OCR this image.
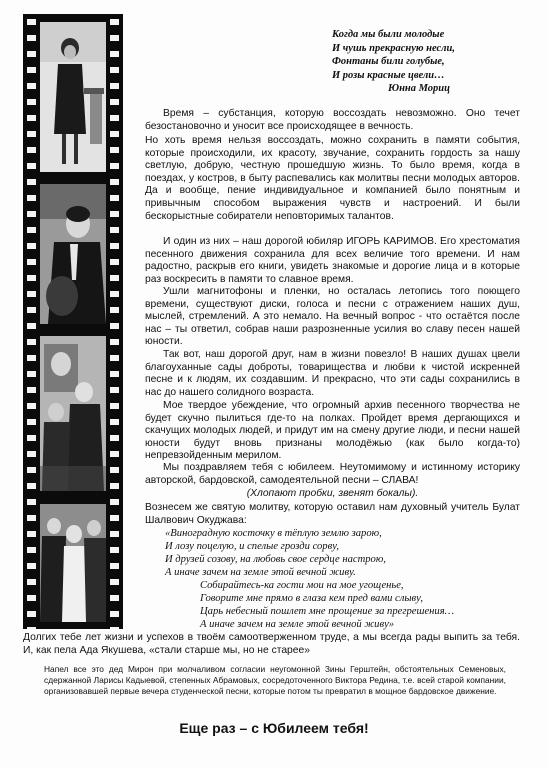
Когда мы были молодые
И чушь прекрасную несли,
Фонтаны били голубые,
И розы красные цвели…
Юнна Мориц
Время – субстанция, которую воссоздать невозможно. Оно течет безостановочно и уносит все происходящее в вечность.
Но хоть время нельзя воссоздать, можно сохранить в памяти события, которые происходили, их красоту, звучание, сохранить гордость за нашу светлую, добрую, честную прошедшую жизнь. То было время, когда в поездах, у костров, в быту распевались как молитвы песни молодых авторов. Да и вообще, пение индивидуальное и компанией было понятным и привычным способом выражения чувств и настроений. И были бескорыстные собиратели неповторимых талантов.
И один из них – наш дорогой юбиляр ИГОРЬ КАРИМОВ. Его хрестоматия песенного движения сохранила для всех величие того времени. И нам радостно, раскрыв его книги, увидеть знакомые и дорогие лица и в которые раз воскресить в памяти то славное время.
Ушли магнитофоны и пленки, но осталась летопись того поющего времени, существуют диски, голоса и песни с отражением наших душ, мыслей, стремлений. А это немало. На вечный вопрос - что остаётся после нас – ты ответил, собрав наши разрозненные усилия во славу песен нашей юности.
Так вот, наш дорогой друг, нам в жизни повезло! В наших душах цвели благоуханные сады доброты, товарищества и любви к чистой искренней песне и к людям, их создавшим. И прекрасно, что эти сады сохранились в нас до нашего солидного возраста.
Мое твердое убеждение, что огромный архив песенного творчества не будет скучно пылиться где-то на полках. Пройдет время дергающихся и скачущих молодых людей, и придут им на смену другие люди, и песни нашей юности будут вновь признаны молодёжью (как было когда-то) непревзойденным мерилом.
Мы поздравляем тебя с юбилеем. Неутомимому и истинному историку авторской, бардовской, самодеятельной песни – СЛАВА!
(Хлопают пробки, звенят бокалы).
Вознесем же святую молитву, которую оставил нам духовный учитель Булат Шалвович Окуджава:
«Виноградную косточку в тёплую землю зарою,
И лозу поцелую, и спелые грозди сорву,
И друзей созову, на любовь свое сердце настрою,
А иначе зачем на земле этой вечной живу.
Собирайтесь-ка гости мои на мое угощенье,
Говорите мне прямо в глаза кем пред вами слыву,
Царь небесный пошлет мне прощение за прегрешения…
А иначе зачем на земле этой вечной живу»
Долгих тебе лет жизни и успехов в твоём самоотверженном труде, а мы всегда рады выпить за тебя. И, как пела Ада Якушева, «стали старше мы, но не старее»
Напел все это дед Мирон при молчаливом согласии неугомонной Зины Герштейн, обстоятельных Семеновых, сдержанной Ларисы Кадыевой, степенных Абрамовых, сосредоточенного Виктора Редина, т.е. всей старой компании, организовавшей первые вечера студенческой песни, которые потом ты превратил в мощное бардовское движение.
Еще раз – с Юбилеем тебя!
